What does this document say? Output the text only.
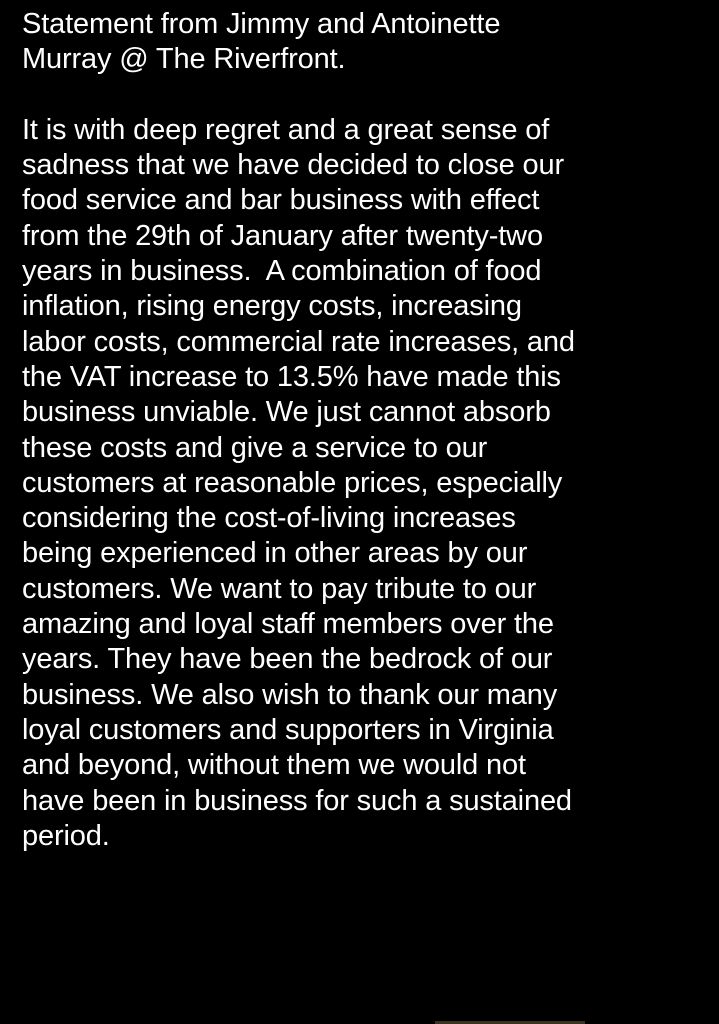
Statement from Jimmy and Antoinette
Murray @ The Riverfront.
It is with deep regret and a great sense of
sadness that we have decided to close our
food service and bar business with effect
from the 29th of January after twenty-two
years in business.  A combination of food
inflation, rising energy costs, increasing
labor costs, commercial rate increases, and
the VAT increase to 13.5% have made this
business unviable. We just cannot absorb
these costs and give a service to our
customers at reasonable prices, especially
considering the cost-of-living increases
being experienced in other areas by our
customers. We want to pay tribute to our
amazing and loyal staff members over the
years. They have been the bedrock of our
business. We also wish to thank our many
loyal customers and supporters in Virginia
and beyond, without them we would not
have been in business for such a sustained
period.
